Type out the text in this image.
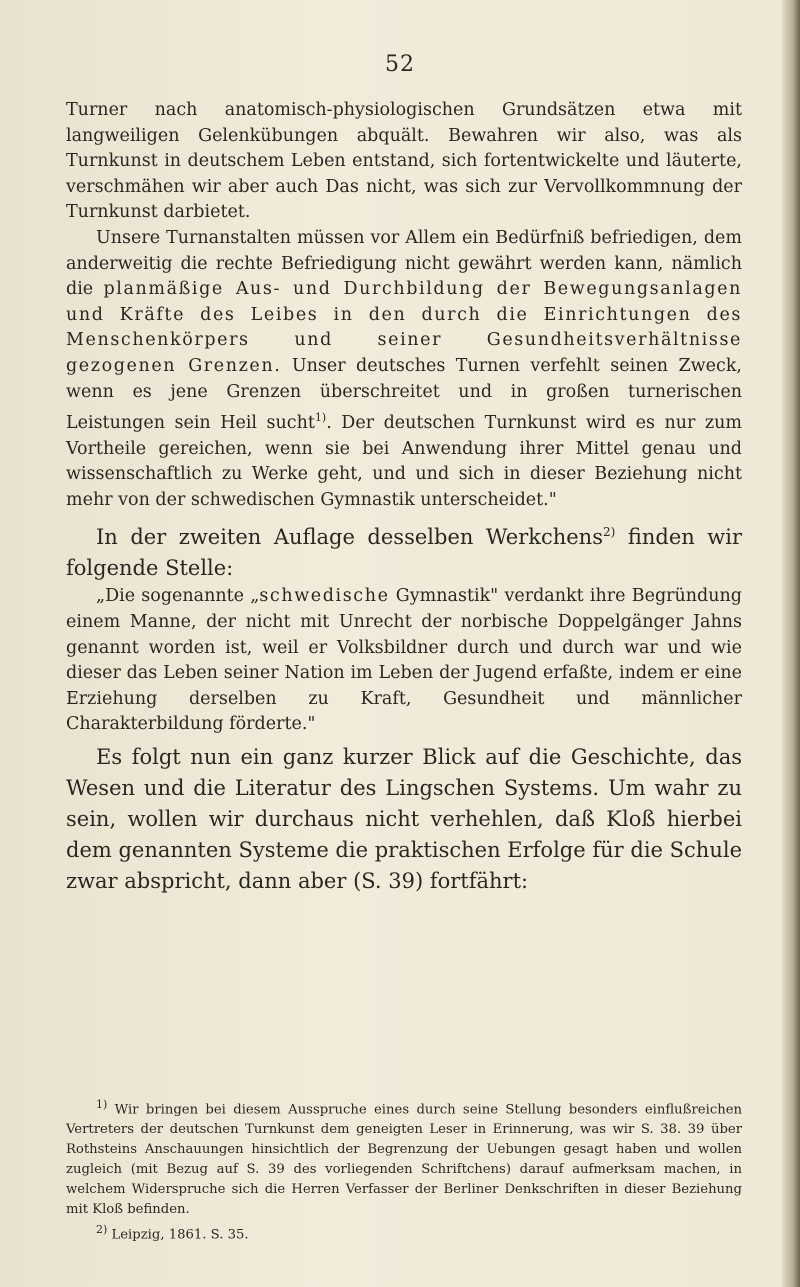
52

Turner nach anatomisch-physiologischen Grundsätzen etwa mit langweiligen Gelenkübungen abquält. Bewahren wir also, was als Turnkunst in deutschem Leben entstand, sich fortentwickelte und läuterte, verschmähen wir aber auch Das nicht, was sich zur Vervollkommnung der Turnkunst darbietet.

Unsere Turnanstalten müssen vor Allem ein Bedürfniß befriedigen, dem anderweitig die rechte Befriedigung nicht gewährt werden kann, nämlich die planmäßige Aus- und Durchbildung der Bewegungsanlagen und Kräfte des Leibes in den durch die Einrichtungen des Menschenkörpers und seiner Gesundheitsverhältnisse gezogenen Grenzen. Unser deutsches Turnen verfehlt seinen Zweck, wenn es jene Grenzen überschreitet und in großen turnerischen Leistungen sein Heil sucht$^{1)}$. Der deutschen Turnkunst wird es nur zum Vortheile gereichen, wenn sie bei Anwendung ihrer Mittel genau und wissenschaftlich zu Werke geht, und und sich in dieser Beziehung nicht mehr von der schwedischen Gymnastik unterscheidet."

In der zweiten Auflage desselben Werkchens$^{2)}$ finden wir folgende Stelle:

„Die sogenannte „schwedische Gymnastik" verdankt ihre Begründung einem Manne, der nicht mit Unrecht der norbische Doppelgänger Jahns genannt worden ist, weil er Volksbildner durch und durch war und wie dieser das Leben seiner Nation im Leben der Jugend erfaßte, indem er eine Erziehung derselben zu Kraft, Gesundheit und männlicher Charakterbildung förderte."

Es folgt nun ein ganz kurzer Blick auf die Geschichte, das Wesen und die Literatur des Lingschen Systems. Um wahr zu sein, wollen wir durchaus nicht verhehlen, daß Kloß hierbei dem genannten Systeme die praktischen Erfolge für die Schule zwar abspricht, dann aber (S. 39) fortfährt:

$^{1)}$ Wir bringen bei diesem Ausspruche eines durch seine Stellung besonders einflußreichen Vertreters der deutschen Turnkunst dem geneigten Leser in Erinnerung, was wir S. 38. 39 über Rothsteins Anschauungen hinsichtlich der Begrenzung der Uebungen gesagt haben und wollen zugleich (mit Bezug auf S. 39 des vorliegenden Schriftchens) darauf aufmerksam machen, in welchem Widerspruche sich die Herren Verfasser der Berliner Denkschriften in dieser Beziehung mit Kloß befinden.

$^{2)}$ Leipzig, 1861. S. 35.
